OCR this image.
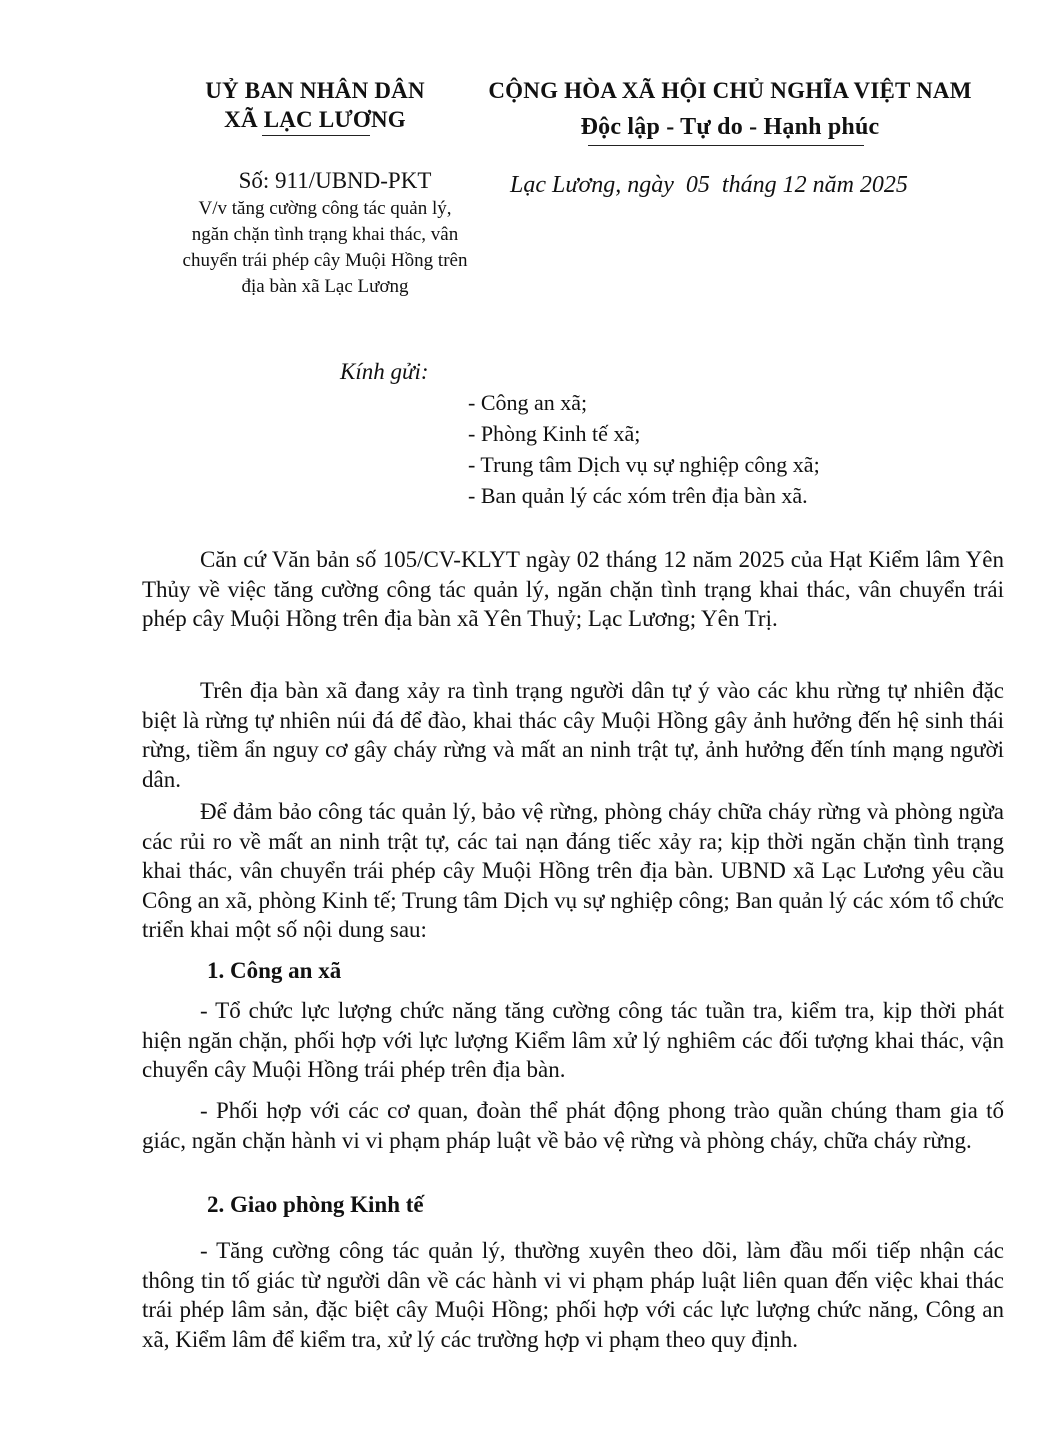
UỶ BAN NHÂN DÂN
XÃ LẠC LƯƠNG
CỘNG HÒA XÃ HỘI CHỦ NGHĨA VIỆT NAM
Độc lập - Tự do - Hạnh phúc
Số: 911/UBND-PKT	Lạc Lương, ngày  05  tháng 12 năm 2025
V/v tăng cường công tác quản lý,
ngăn chặn tình trạng khai thác, vân
chuyển trái phép cây Muội Hồng trên
địa bàn xã Lạc Lương
Kính gửi:
- Công an xã;
- Phòng Kinh tế xã;
- Trung tâm Dịch vụ sự nghiệp công xã;
- Ban quản lý các xóm trên địa bàn xã.
Căn cứ Văn bản số 105/CV-KLYT ngày 02 tháng 12 năm 2025 của Hạt Kiểm lâm Yên Thủy về việc tăng cường công tác quản lý, ngăn chặn tình trạng khai thác, vân chuyển trái phép cây Muội Hồng trên địa bàn xã Yên Thuỷ; Lạc Lương; Yên Trị.
Trên địa bàn xã đang xảy ra tình trạng người dân tự ý vào các khu rừng tự nhiên đặc biệt là rừng tự nhiên núi đá để đào, khai thác cây Muội Hồng gây ảnh hưởng đến hệ sinh thái rừng, tiềm ẩn nguy cơ gây cháy rừng và mất an ninh trật tự, ảnh hưởng đến tính mạng người dân.
Để đảm bảo công tác quản lý, bảo vệ rừng, phòng cháy chữa cháy rừng và phòng ngừa các rủi ro về mất an ninh trật tự, các tai nạn đáng tiếc xảy ra; kịp thời ngăn chặn tình trạng khai thác, vân chuyển trái phép cây Muội Hồng trên địa bàn. UBND xã Lạc Lương yêu cầu Công an xã, phòng Kinh tế; Trung tâm Dịch vụ sự nghiệp công; Ban quản lý các xóm tổ chức triển khai một số nội dung sau:
1. Công an xã
- Tổ chức lực lượng chức năng tăng cường công tác tuần tra, kiểm tra, kịp thời phát hiện ngăn chặn, phối hợp với lực lượng Kiểm lâm xử lý nghiêm các đối tượng khai thác, vận chuyển cây Muội Hồng trái phép trên địa bàn.
- Phối hợp với các cơ quan, đoàn thể phát động phong trào quần chúng tham gia tố giác, ngăn chặn hành vi vi phạm pháp luật về bảo vệ rừng và phòng cháy, chữa cháy rừng.
2. Giao phòng Kinh tế
- Tăng cường công tác quản lý, thường xuyên theo dõi, làm đầu mối tiếp nhận các thông tin tố giác từ người dân về các hành vi vi phạm pháp luật liên quan đến việc khai thác trái phép lâm sản, đặc biệt cây Muội Hồng; phối hợp với các lực lượng chức năng, Công an xã, Kiểm lâm để kiểm tra, xử lý các trường hợp vi phạm theo quy định.
